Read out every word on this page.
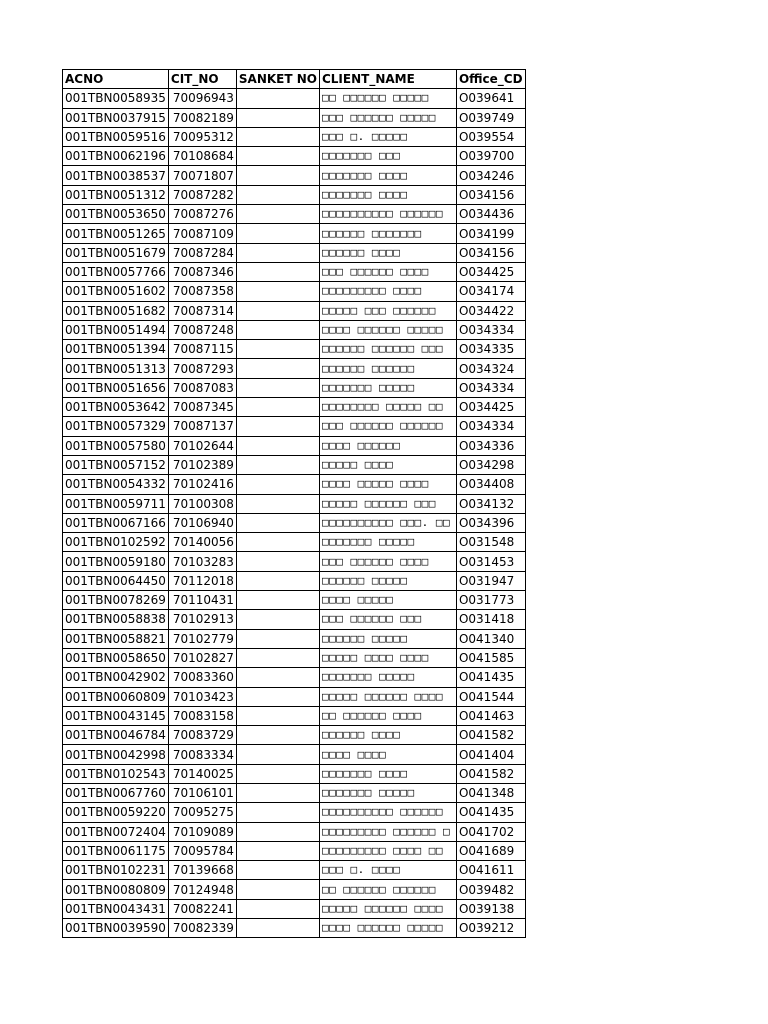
ACNO	CIT_NO	SANKET NO	CLIENT_NAME	Office_CD
001TBN0058935	70096943		□□ □□□□□□ □□□□□	O039641
001TBN0037915	70082189		□□□ □□□□□□ □□□□□	O039749
001TBN0059516	70095312		□□□ □. □□□□□	O039554
001TBN0062196	70108684		□□□□□□□ □□□	O039700
001TBN0038537	70071807		□□□□□□□ □□□□	O034246
001TBN0051312	70087282		□□□□□□□ □□□□	O034156
001TBN0053650	70087276		□□□□□□□□□□ □□□□□□	O034436
001TBN0051265	70087109		□□□□□□ □□□□□□□	O034199
001TBN0051679	70087284		□□□□□□ □□□□	O034156
001TBN0057766	70087346		□□□ □□□□□□ □□□□	O034425
001TBN0051602	70087358		□□□□□□□□□ □□□□	O034174
001TBN0051682	70087314		□□□□□ □□□ □□□□□□	O034422
001TBN0051494	70087248		□□□□ □□□□□□ □□□□□	O034334
001TBN0051394	70087115		□□□□□□ □□□□□□ □□□	O034335
001TBN0051313	70087293		□□□□□□ □□□□□□	O034324
001TBN0051656	70087083		□□□□□□□ □□□□□	O034334
001TBN0053642	70087345		□□□□□□□□ □□□□□ □□	O034425
001TBN0057329	70087137		□□□ □□□□□□ □□□□□□	O034334
001TBN0057580	70102644		□□□□ □□□□□□	O034336
001TBN0057152	70102389		□□□□□ □□□□	O034298
001TBN0054332	70102416		□□□□ □□□□□ □□□□	O034408
001TBN0059711	70100308		□□□□□ □□□□□□ □□□	O034132
001TBN0067166	70106940		□□□□□□□□□□ □□□. □□	O034396
001TBN0102592	70140056		□□□□□□□ □□□□□	O031548
001TBN0059180	70103283		□□□ □□□□□□ □□□□	O031453
001TBN0064450	70112018		□□□□□□ □□□□□	O031947
001TBN0078269	70110431		□□□□ □□□□□	O031773
001TBN0058838	70102913		□□□ □□□□□□ □□□	O031418
001TBN0058821	70102779		□□□□□□ □□□□□	O041340
001TBN0058650	70102827		□□□□□ □□□□ □□□□	O041585
001TBN0042902	70083360		□□□□□□□ □□□□□	O041435
001TBN0060809	70103423		□□□□□ □□□□□□ □□□□	O041544
001TBN0043145	70083158		□□ □□□□□□ □□□□	O041463
001TBN0046784	70083729		□□□□□□ □□□□	O041582
001TBN0042998	70083334		□□□□ □□□□	O041404
001TBN0102543	70140025		□□□□□□□ □□□□	O041582
001TBN0067760	70106101		□□□□□□□ □□□□□	O041348
001TBN0059220	70095275		□□□□□□□□□□ □□□□□□	O041435
001TBN0072404	70109089		□□□□□□□□□ □□□□□□ □	O041702
001TBN0061175	70095784		□□□□□□□□□ □□□□ □□	O041689
001TBN0102231	70139668		□□□ □. □□□□	O041611
001TBN0080809	70124948		□□ □□□□□□ □□□□□□	O039482
001TBN0043431	70082241		□□□□□ □□□□□□ □□□□	O039138
001TBN0039590	70082339		□□□□ □□□□□□ □□□□□	O039212
